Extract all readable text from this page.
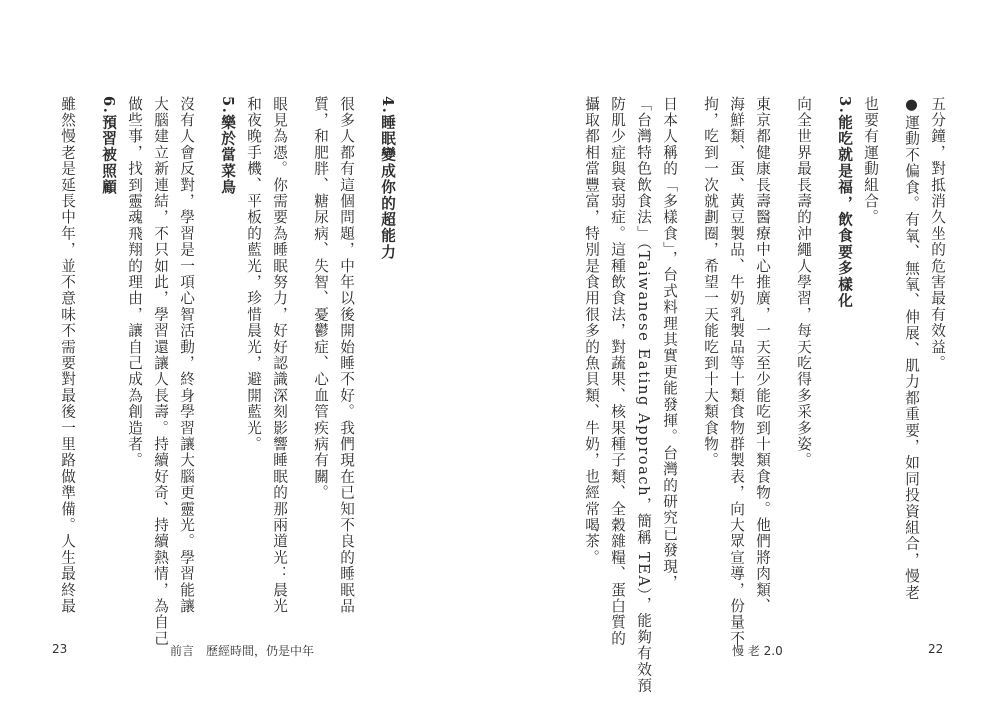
五分鐘，對抵消久坐的危害最有效益。
●運動不偏食。有氧、無氧、伸展、肌力都重要，如同投資組合，慢老
也要有運動組合。
3.能吃就是福，飲食要多樣化
向全世界最長壽的沖繩人學習，每天吃得多采多姿。
東京都健康長壽醫療中心推廣，一天至少能吃到十類食物。他們將肉類、
海鮮類、蛋、黃豆製品、牛奶乳製品等十類食物群製表，向大眾宣導，份量不
拘，吃到一次就劃圈，希望一天能吃到十大類食物。
日本人稱的「多樣食」，台式料理其實更能發揮。台灣的研究已發現，
「台灣特色飲食法」（Taiwanese Eating Approach，簡稱 TEA），能夠有效預
防肌少症與衰弱症。這種飲食法，對蔬果、核果種子類、全穀雜糧、蛋白質的
攝取都相當豐富，特別是食用很多的魚貝類、牛奶，也經常喝茶。
4.睡眠變成你的超能力
很多人都有這個問題，中年以後開始睡不好。我們現在已知不良的睡眠品
質，和肥胖、糖尿病、失智、憂鬱症、心血管疾病有關。
眼見為憑。你需要為睡眠努力，好好認識深刻影響睡眠的那兩道光：晨光
和夜晚手機、平板的藍光，珍惜晨光，避開藍光。
5.樂於當菜鳥
沒有人會反對，學習是一項心智活動，終身學習讓大腦更靈光。學習能讓
大腦建立新連結，不只如此，學習還讓人長壽。持續好奇、持續熱情，為自己
做些事，找到靈魂飛翔的理由，讓自己成為創造者。
6.預習被照顧
雖然慢老是延長中年，並不意味不需要對最後一里路做準備。人生最終最
23	前言　歷經時間，仍是中年	慢 老 2.0	22
